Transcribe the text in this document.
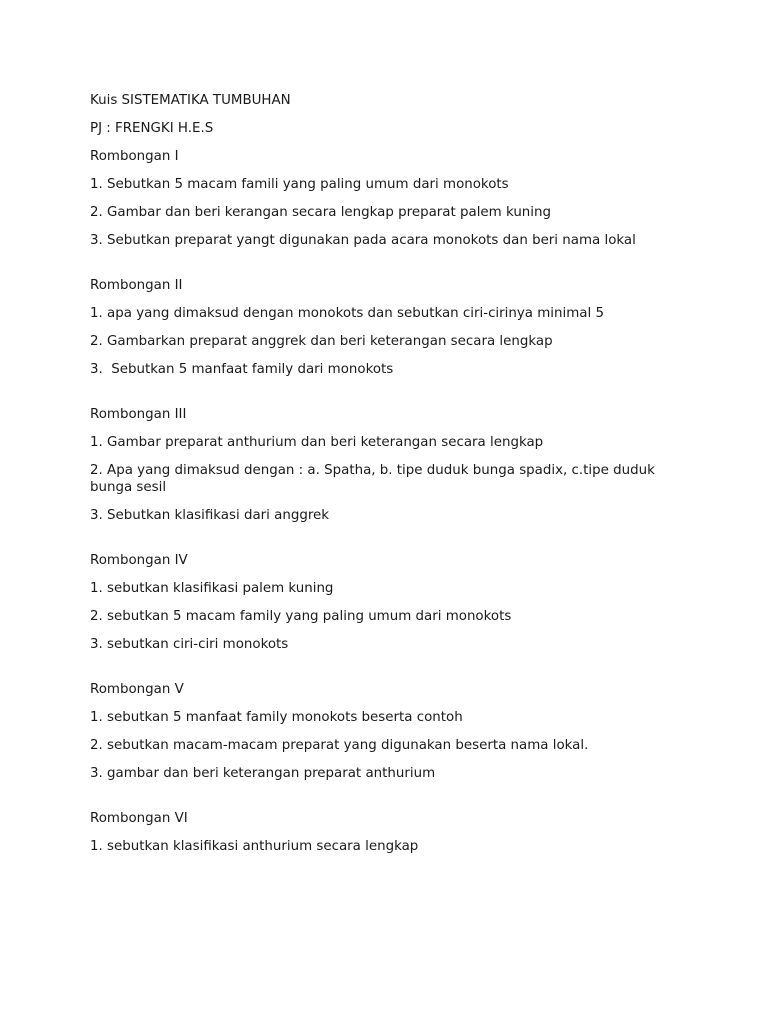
Kuis SISTEMATIKA TUMBUHAN

PJ : FRENGKI H.E.S

Rombongan I

1. Sebutkan 5 macam famili yang paling umum dari monokots

2. Gambar dan beri kerangan secara lengkap preparat palem kuning

3. Sebutkan preparat yangt digunakan pada acara monokots dan beri nama lokal

Rombongan II

1. apa yang dimaksud dengan monokots dan sebutkan ciri-cirinya minimal 5

2. Gambarkan preparat anggrek dan beri keterangan secara lengkap

3.  Sebutkan 5 manfaat family dari monokots

Rombongan III

1. Gambar preparat anthurium dan beri keterangan secara lengkap

2. Apa yang dimaksud dengan : a. Spatha, b. tipe duduk bunga spadix, c.tipe duduk bunga sesil

3. Sebutkan klasifikasi dari anggrek

Rombongan IV

1. sebutkan klasifikasi palem kuning

2. sebutkan 5 macam family yang paling umum dari monokots

3. sebutkan ciri-ciri monokots

Rombongan V

1. sebutkan 5 manfaat family monokots beserta contoh

2. sebutkan macam-macam preparat yang digunakan beserta nama lokal.

3. gambar dan beri keterangan preparat anthurium

Rombongan VI

1. sebutkan klasifikasi anthurium secara lengkap
